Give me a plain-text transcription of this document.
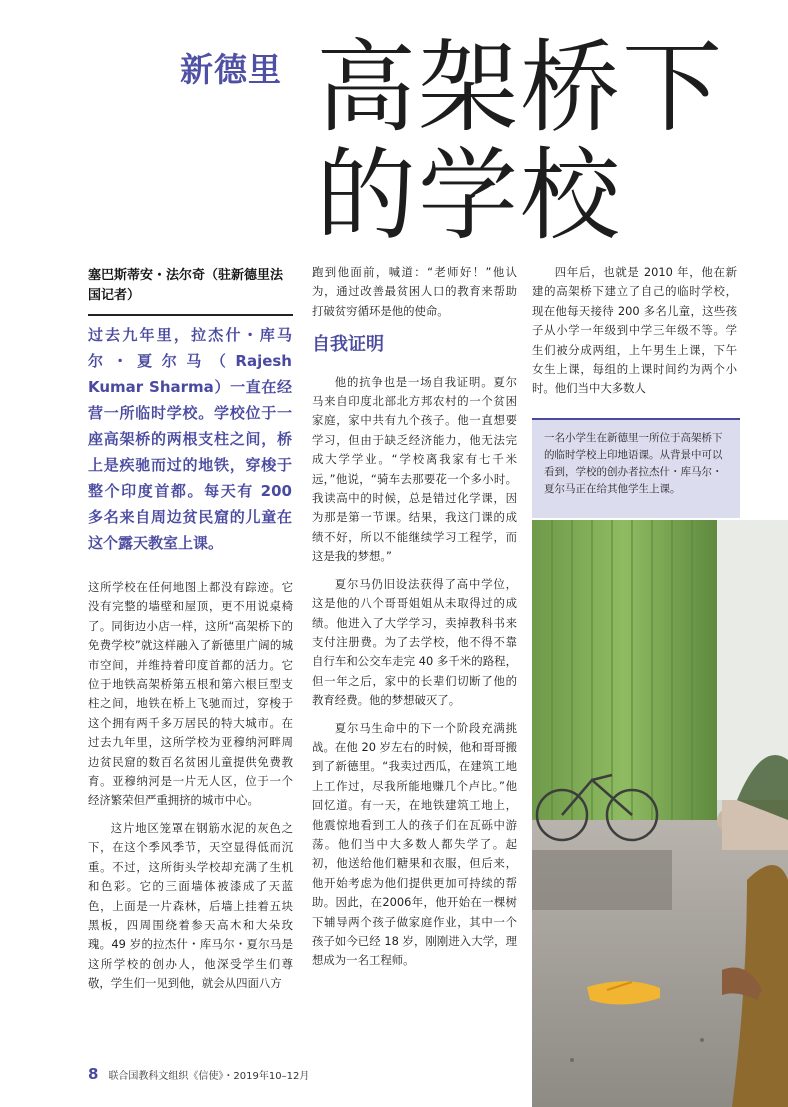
新德里 高架桥下
的学校
塞巴斯蒂安・法尔奇（驻新德里法国记者）
过去九年里，拉杰什・库马尔・夏尔马（Rajesh Kumar Sharma）一直在经营一所临时学校。学校位于一座高架桥的两根支柱之间，桥上是疾驰而过的地铁，穿梭于整个印度首都。每天有 200 多名来自周边贫民窟的儿童在这个露天教室上课。

这所学校在任何地图上都没有踪迹。它没有完整的墙壁和屋顶，更不用说桌椅了。同街边小店一样，这所“高架桥下的免费学校”就这样融入了新德里广阔的城市空间，并维持着印度首都的活力。它位于地铁高架桥第五根和第六根巨型支柱之间，地铁在桥上飞驰而过，穿梭于这个拥有两千多万居民的特大城市。在过去九年里，这所学校为亚穆纳河畔周边贫民窟的数百名贫困儿童提供免费教育。亚穆纳河是一片无人区，位于一个经济繁荣但严重拥挤的城市中心。

这片地区笼罩在钢筋水泥的灰色之下，在这个季风季节，天空显得低而沉重。不过，这所街头学校却充满了生机和色彩。它的三面墙体被漆成了天蓝色，上面是一片森林，后墙上挂着五块黑板，四周围绕着参天高木和大朵玫瑰。49 岁的拉杰什・库马尔・夏尔马是这所学校的创办人，他深受学生们尊敬，学生们一见到他，就会从四面八方

跑到他面前，喊道：“老师好！”他认为，通过改善最贫困人口的教育来帮助打破贫穷循环是他的使命。

自我证明

他的抗争也是一场自我证明。夏尔马来自印度北部北方邦农村的一个贫困家庭，家中共有九个孩子。他一直想要学习，但由于缺乏经济能力，他无法完成大学学业。“学校离我家有七千米远，”他说，“骑车去那要花一个多小时。我读高中的时候，总是错过化学课，因为那是第一节课。结果，我这门课的成绩不好，所以不能继续学习工程学，而这是我的梦想。”

夏尔马仍旧设法获得了高中学位，这是他的八个哥哥姐姐从未取得过的成绩。他进入了大学学习，卖掉教科书来支付注册费。为了去学校，他不得不靠自行车和公交车走完 40 多千米的路程，但一年之后，家中的长辈们切断了他的教育经费。他的梦想破灭了。

夏尔马生命中的下一个阶段充满挑战。在他 20 岁左右的时候，他和哥哥搬到了新德里。“我卖过西瓜，在建筑工地上工作过，尽我所能地赚几个卢比。”他回忆道。有一天，在地铁建筑工地上，他震惊地看到工人的孩子们在瓦砾中游荡。他们当中大多数人都失学了。起初，他送给他们糖果和衣服，但后来，他开始考虑为他们提供更加可持续的帮助。因此，在2006年，他开始在一棵树下辅导两个孩子做家庭作业，其中一个孩子如今已经 18 岁，刚刚进入大学，理想成为一名工程师。

四年后，也就是 2010 年，他在新建的高架桥下建立了自己的临时学校，现在他每天接待 200 多名儿童，这些孩子从小学一年级到中学三年级不等。学生们被分成两组，上午男生上课，下午女生上课，每组的上课时间约为两个小时。他们当中大多数人

一名小学生在新德里一所位于高架桥下的临时学校上印地语课。从背景中可以看到，学校的创办者拉杰什・库马尔・夏尔马正在给其他学生上课。
8 联合国教科文组织《信使》・2019年10–12月
